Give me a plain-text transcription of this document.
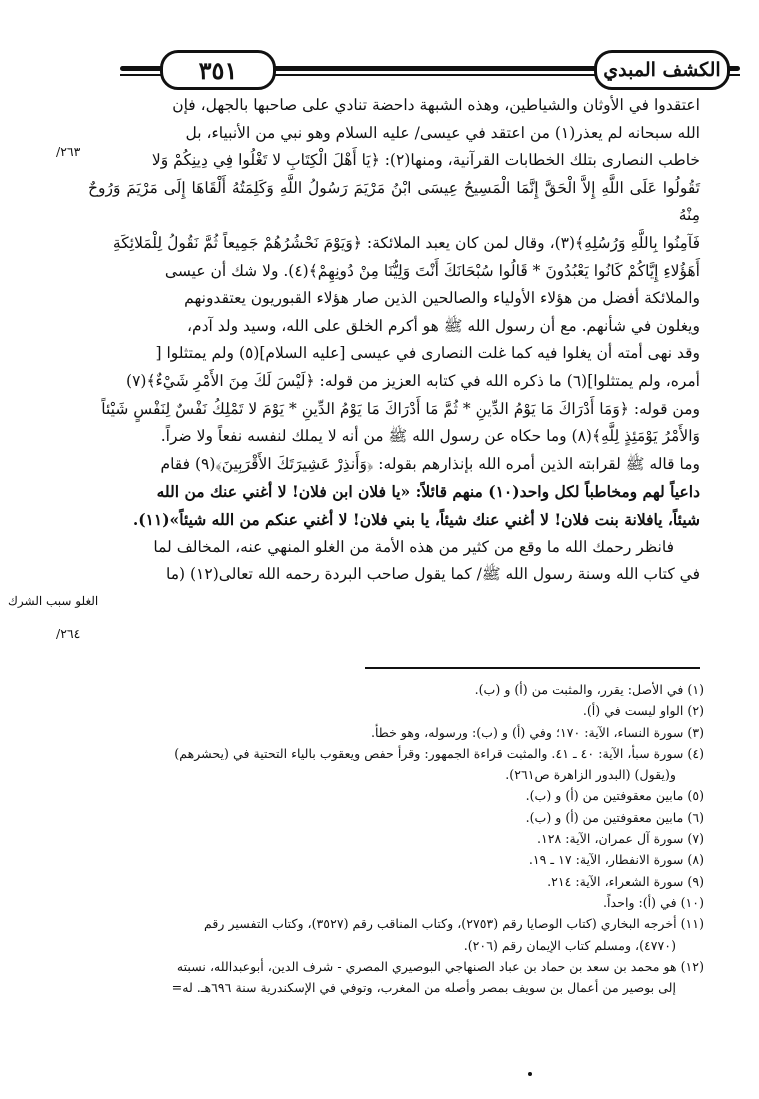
٣٥١	الكشف المبدي
٢٦٣/
الغلو سبب الشرك
٢٦٤/

اعتقدوا في الأوثان والشياطين، وهذه الشبهة داحضة تنادي على صاحبها بالجهل، فإن

الله سبحانه لم يعذر(١) من اعتقد في عيسى/ عليه السلام وهو نبي من الأنبياء، بل

خاطب النصارى بتلك الخطابات القرآنية، ومنها(٢): ﴿يَا أَهْلَ الْكِتَابِ لا تَغْلُوا فِي دِينِكُمْ وَلا

تَقُولُوا عَلَى اللَّهِ إِلاَّ الْحَقَّ إِنَّمَا الْمَسِيحُ عِيسَى ابْنُ مَرْيَمَ رَسُولُ اللَّهِ وَكَلِمَتُهُ أَلْقَاهَا إِلَى مَرْيَمَ وَرُوحٌ مِنْهُ

فَآمِنُوا بِاللَّهِ وَرُسُلِهِ﴾(٣)، وقال لمن كان يعبد الملائكة: ﴿وَيَوْمَ نَحْشُرُهُمْ جَمِيعاً ثُمَّ نَقُولُ لِلْمَلائِكَةِ

أَهَؤُلاءِ إِيَّاكُمْ كَانُوا يَعْبُدُونَ * قَالُوا سُبْحَانَكَ أَنْتَ وَلِيُّنَا مِنْ دُونِهِمْ﴾(٤). ولا شك أن عيسى

والملائكة أفضل من هؤلاء الأولياء والصالحين الذين صار هؤلاء القبوريون يعتقدونهم

ويغلون في شأنهم. مع أن رسول الله ﷺ هو أكرم الخلق على الله، وسيد ولد آدم،

وقد نهى أمته أن يغلوا فيه كما غلت النصارى في عيسى [عليه السلام](٥) ولم يمتثلوا [

أمره، ولم يمتثلوا](٦) ما ذكره الله في كتابه العزيز من قوله: ﴿لَيْسَ لَكَ مِنَ الأَمْرِ شَيْءٌ﴾(٧)

ومن قوله: ﴿وَمَا أَدْرَاكَ مَا يَوْمُ الدِّينِ * ثُمَّ مَا أَدْرَاكَ مَا يَوْمُ الدِّينِ * يَوْمَ لا تَمْلِكُ نَفْسٌ لِنَفْسٍ شَيْئاً

وَالأَمْرُ يَوْمَئِذٍ لِلَّهِ﴾(٨) وما حكاه عن رسول الله ﷺ من أنه لا يملك لنفسه نفعاً ولا ضراً.

وما قاله ﷺ لقرابته الذين أمره الله بإنذارهم بقوله: ﴿وَأَنذِرْ عَشِيرَتَكَ الأَقْرَبِينَ﴾(٩) فقام

داعياً لهم ومخاطباً لكل واحد(١٠) منهم قائلاً: «يا فلان ابن فلان! لا أغني عنك من الله

شيئاً، يافلانة بنت فلان! لا أغني عنك شيئاً، يا بني فلان! لا أغني عنكم من الله شيئاً»(١١).

فانظر رحمك الله ما وقع من كثير من هذه الأمة من الغلو المنهي عنه، المخالف لما

في كتاب الله وسنة رسول الله ﷺ/ كما يقول صاحب البردة رحمه الله تعالى(١٢) (ما

(١) في الأصل: يقرر، والمثبت من (أ) و (ب).

(٢) الواو ليست في (أ).

(٣) سورة النساء، الآية: ١٧٠؛ وفي (أ) و (ب): ورسوله، وهو خطأ.

(٤) سورة سبأ، الآية: ٤٠ ـ ٤١. والمثبت قراءة الجمهور: وقرأ حفص ويعقوب بالياء التحتية في (يحشرهم)

و(يقول) (البدور الزاهرة ص٢٦١).

(٥) مابين معقوفتين من (أ) و (ب).

(٦) مابين معقوفتين من (أ) و (ب).

(٧) سورة آل عمران، الآية: ١٢٨.

(٨) سورة الانفطار، الآية: ١٧ ـ ١٩.

(٩) سورة الشعراء، الآية: ٢١٤.

(١٠) في (أ): واحداً.

(١١) أخرجه البخاري (كتاب الوصايا رقم (٢٧٥٣)، وكتاب المناقب رقم (٣٥٢٧)، وكتاب التفسير رقم

(٤٧٧٠)، ومسلم كتاب الإيمان رقم (٢٠٦).

(١٢) هو محمد بن سعد بن حماد بن عباد الصنهاجي البوصيري المصري - شرف الدين، أبوعبدالله، نسبته

إلى بوصير من أعمال بن سويف بمصر وأصله من المغرب، وتوفي في الإسكندرية سنة ٦٩٦هـ. له=
